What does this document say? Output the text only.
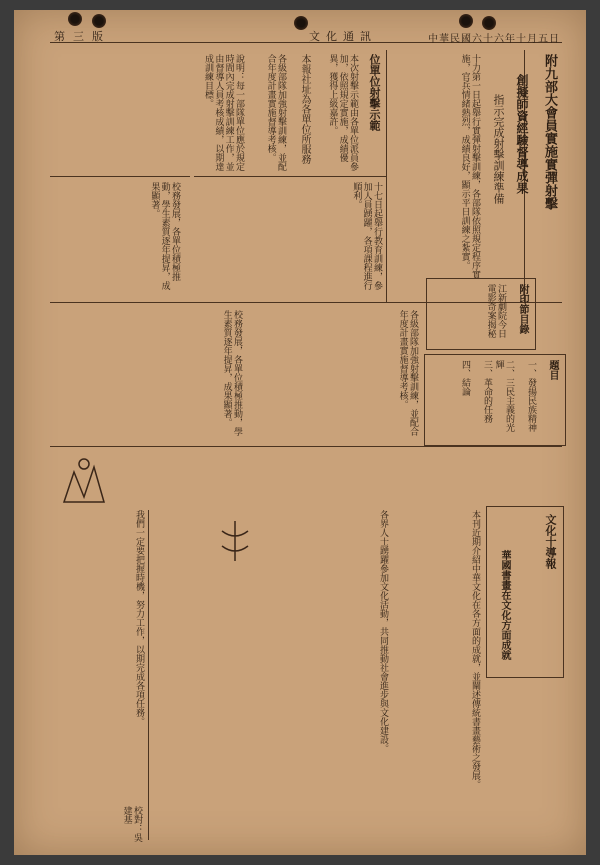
中華民國六十六年十月五日
文化通訊
第三版
附九部大會員實施實彈射擊
創擬師資經驗督導成果
指示完成射擊訓練準備
十力第一日起舉行實彈射擊訓練，各部隊依照規定程序實施，官兵情緒熱烈，成績良好，顯示平日訓練之紮實。
位單位射擊示範
本次射擊示範由各單位派員參加，依照規定實施，成績優異，獲得上級嘉許。
本報社址為各單位所服務
各級部隊加強射擊訓練，並配合年度計畫實施督導考核。
說明：每一部隊單位應於規定時間內完成射擊訓練工作，並由督導人員考核成績，以期達成訓練目標。
校務發展，各單位積極推動，學生素質逐年提昇，成果顯著。	十七日起舉行教育訓練，參加人員踴躍，各項課程進行順利。
附印節目錄
江新劇院今日電影奇案揭秘
題目
一、發揚民族精神
二、三民主義的光輝
三、革命的任務
四、結論
各級部隊加強射擊訓練，並配合年度計畫實施督導考核。
校務發展，各單位積極推動，學生素質逐年提昇，成果顯著。
文化十導報
華國書畫在文化方面成就
本刊近期介紹中華文化在各方面的成就，並闡述傳統書畫藝術之發展。
各界人士踴躍參加文化活動，共同推動社會進步與文化建設。
我們一定要把握時機，努力工作，以期完成各項任務。
校對：吳建基
